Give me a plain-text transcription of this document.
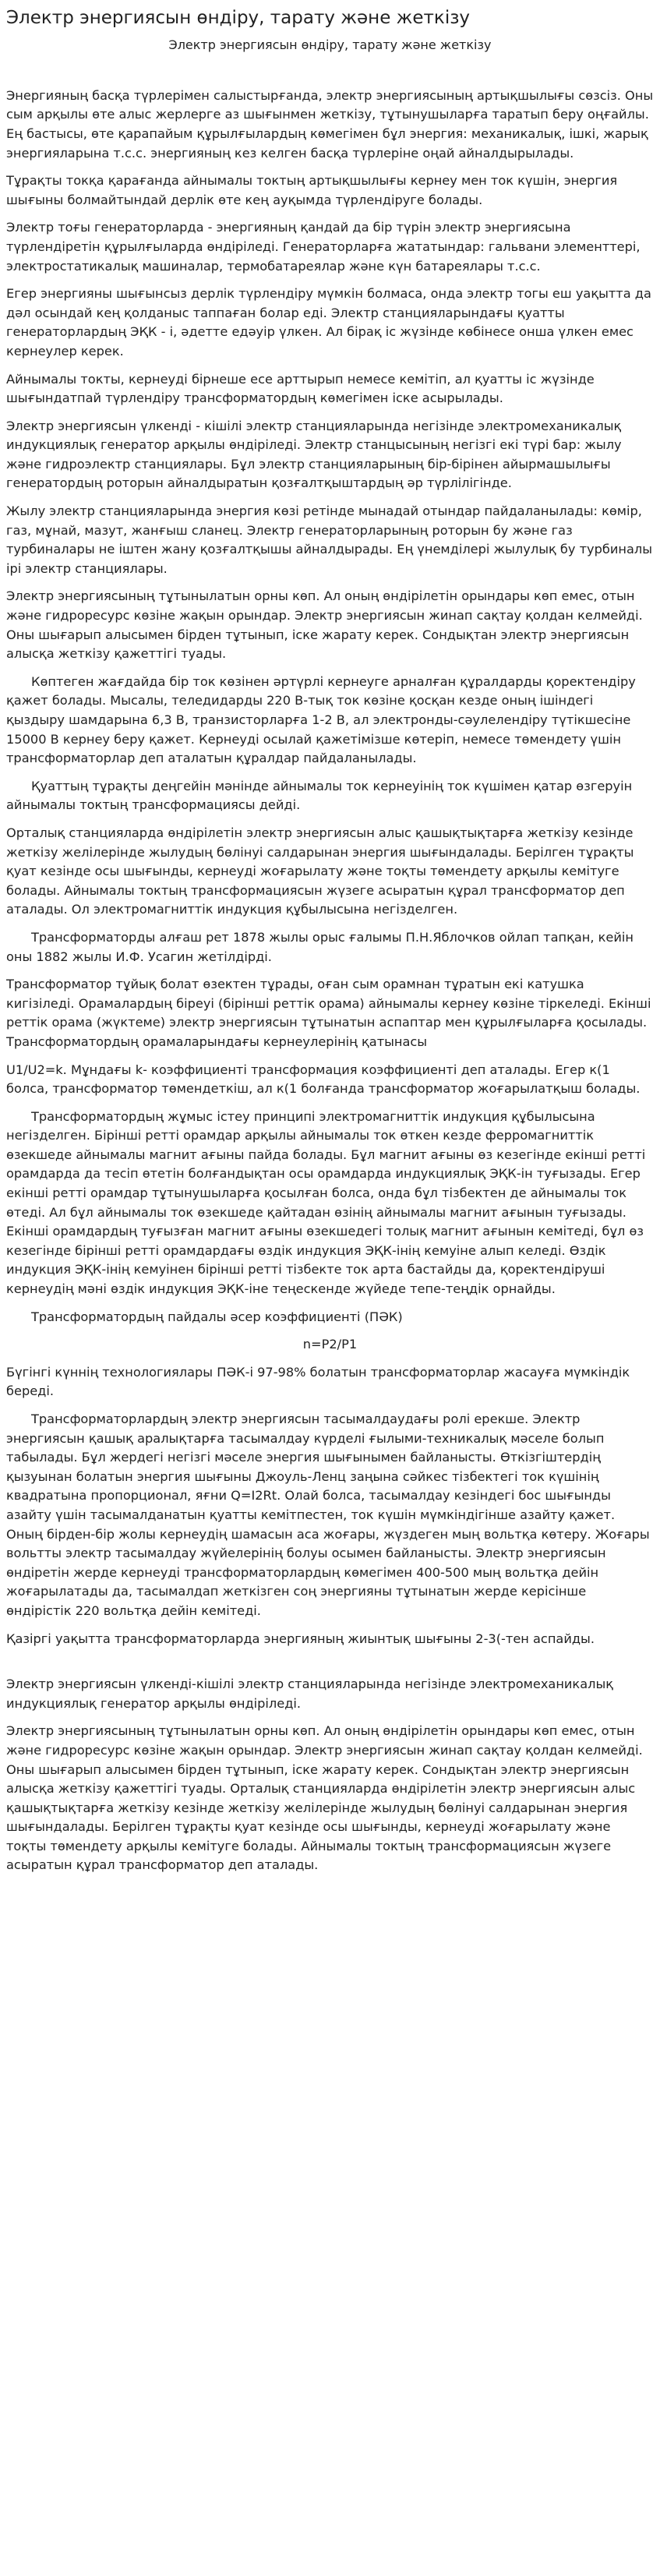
Электр энергиясын өндіру, тарату және жеткізу
Электр энергиясын өндіру, тарату және жеткізу

Энергияның басқа түрлерімен салыстырғанда, электр энергиясының артықшылығы сөзсіз. Оны сым арқылы өте алыс жерлерге аз шығынмен жеткізу, тұтынушыларға таратып беру оңғайлы. Ең бастысы, өте қарапайым құрылғылардың көмегімен бұл энергия: механикалық, ішкі, жарық энергияларына т.с.с. энергияның кез келген басқа түрлеріне оңай айналдырылады.

Тұрақты токқа қарағанда айнымалы токтың артықшылығы кернеу мен ток күшін, энергия шығыны болмайтындай дерлік өте кең ауқымда түрлендіруге болады.

Электр тоғы генераторларда - энергияның қандай да бір түрін электр энергиясына түрлендіретін құрылғыларда өндіріледі. Генераторларға жататындар: гальвани элементтері, электростатикалық машиналар, термобатареялар және күн батареялары т.с.с.

Егер энергияны шығынсыз дерлік түрлендіру мүмкін болмаса, онда электр тогы еш уақытта да дәл осындай кең қолданыс таппаған болар еді. Электр станцияларындағы қуатты генераторлардың ЭҚК - і, әдетте едәуір үлкен. Ал бірақ іс жүзінде көбінесе онша үлкен емес кернеулер керек.

Айнымалы токты, кернеуді бірнеше есе арттырып немесе кемітіп, ал қуатты іс жүзінде шығындатпай түрлендіру трансформатордың көмегімен іске асырылады.

Электр энергиясын үлкенді - кішілі электр станцияларында негізінде электромеханикалық индукциялық генератор арқылы өндіріледі. Электр станцысының негізгі екі түрі бар: жылу және гидроэлектр станциялары. Бұл электр станцияларының бір-бірінен айырмашылығы генератордың роторын айналдыратын қозғалтқыштардың әр түрлілігінде.

Жылу электр станцияларында энергия көзі ретінде мынадай отындар пайдаланылады: көмір, газ, мұнай, мазут, жанғыш сланец. Электр генераторларының роторын бу және газ турбиналары не іштен жану қозғалтқышы айналдырады. Ең үнемділері жылулық бу турбиналы ірі электр станциялары.

Электр энергиясының тұтынылатын орны көп. Ал оның өндірілетін орындары көп емес, отын және гидроресурс көзіне жақын орындар. Электр энергиясын жинап сақтау қолдан келмейді. Оны шығарып алысымен бірден тұтынып, іске жарату керек. Сондықтан электр энергиясын алысқа жеткізу қажеттігі туады.

Көптеген жағдайда бір ток көзінен әртүрлі кернеуге арналған құралдарды қоректендіру қажет болады. Мысалы, теледидарды 220 В-тық ток көзіне қосқан кезде оның ішіндегі қыздыру шамдарына 6,3 В, транзисторларға 1-2 В, ал электронды-сәулелендіру түтікшесіне 15000 В кернеу беру қажет. Кернеуді осылай қажетімізше көтеріп, немесе төмендету үшін трансформаторлар деп аталатын құралдар пайдаланылады.

Қуаттың тұрақты деңгейін мәнінде айнымалы ток кернеуінің ток күшімен қатар өзгеруін айнымалы токтың трансформациясы дейді.

Орталық станцияларда өндірілетін электр энергиясын алыс қашықтықтарға жеткізу кезінде жеткізу желілерінде жылудың бөлінуі салдарынан энергия шығындалады. Берілген тұрақты қуат кезінде осы шығынды, кернеуді жоғарылату және тоқты төмендету арқылы кемітуге болады. Айнымалы токтың трансформациясын жүзеге асыратын құрал трансформатор деп аталады. Ол электромагниттік индукция құбылысына негізделген.

Трансформаторды алғаш рет 1878 жылы орыс ғалымы П.Н.Яблочков ойлап тапқан, кейін оны 1882 жылы И.Ф. Усагин жетілдірді.

Трансформатор тұйық болат өзектен тұрады, оған сым орамнан тұратын екі катушка кигізіледі. Орамалардың біреуі (бірінші реттік орама) айнымалы кернеу көзіне тіркеледі. Екінші реттік орама (жүктеме) электр энергиясын тұтынатын аспаптар мен құрылғыларға қосылады. Трансформатордың орамаларындағы кернеулерінің қатынасы

U1/U2=k. Мұндағы k- коэффициенті трансформация коэффициенті деп аталады. Егер к(1 болса, трансформатор төмендеткіш, ал к(1 болғанда трансформатор жоғарылатқыш болады.

Трансформатордың жұмыс істеу принципі электромагниттік индукция құбылысына негізделген. Бірінші ретті орамдар арқылы айнымалы ток өткен кезде ферромагниттік өзекшеде айнымалы магнит ағыны пайда болады. Бұл магнит ағыны өз кезегінде екінші ретті орамдарда да тесіп өтетін болғандықтан осы орамдарда индукциялық ЭҚК-ін туғызады. Егер екінші ретті орамдар тұтынушыларға қосылған болса, онда бұл тізбектен де айнымалы ток өтеді. Ал бұл айнымалы ток өзекшеде қайтадан өзінің айнымалы магнит ағынын туғызады. Екінші орамдардың туғызған магнит ағыны өзекшедегі толық магнит ағынын кемітеді, бұл өз кезегінде бірінші ретті орамдардағы өздік индукция ЭҚК-інің кемуіне алып келеді. Өздік индукция ЭҚК-інің кемуінен бірінші ретті тізбекте ток арта бастайды да, қоректендіруші кернеудің мәні өздік индукция ЭҚК-іне теңескенде жүйеде тепе-теңдік орнайды.

Трансформатордың пайдалы әсер коэффициенті (ПӘК)

n=P2/P1

Бүгінгі күннің технологиялары ПӘК-і 97-98% болатын трансформаторлар жасауға мүмкіндік береді.

Трансформаторлардың электр энергиясын тасымалдаудағы ролі ерекше. Электр энергиясын қашық аралықтарға тасымалдау күрделі ғылыми-техникалық мәселе болып табылады. Бұл жердегі негізгі мәселе энергия шығынымен байланысты. Өткізгіштердің қызуынан болатын энергия шығыны Джоуль-Ленц заңына сәйкес тізбектегі ток күшінің квадратына пропорционал, яғни Q=I2Rt. Олай болса, тасымалдау кезіндегі бос шығынды азайту үшін тасымалданатын қуатты кемітпестен, ток күшін мүмкіндігінше азайту қажет. Оның бірден-бір жолы кернеудің шамасын аса жоғары, жүздеген мың вольтқа көтеру. Жоғары вольтты электр тасымалдау жүйелерінің болуы осымен байланысты. Электр энергиясын өндіретін жерде кернеуді трансформаторлардың көмегімен 400-500 мың вольтқа дейін жоғарылатады да, тасымалдап жеткізген соң энергияны тұтынатын жерде керісінше өндірістік 220 вольтқа дейін кемітеді.

Қазіргі уақытта трансформаторларда энергияның жиынтық шығыны 2-3(-тен аспайды.

Электр энергиясын үлкенді-кішілі электр станцияларында негізінде электромеханикалық индукциялық генератор арқылы өндіріледі.

Электр энергиясының тұтынылатын орны көп. Ал оның өндірілетін орындары көп емес, отын және гидроресурс көзіне жақын орындар. Электр энергиясын жинап сақтау қолдан келмейді. Оны шығарып алысымен бірден тұтынып, іске жарату керек. Сондықтан электр энергиясын алысқа жеткізу қажеттігі туады. Орталық станцияларда өндірілетін электр энергиясын алыс қашықтықтарға жеткізу кезінде жеткізу желілерінде жылудың бөлінуі салдарынан энергия шығындалады. Берілген тұрақты қуат кезінде осы шығынды, кернеуді жоғарылату және тоқты төмендету арқылы кемітуге болады. Айнымалы токтың трансформациясын жүзеге асыратын құрал трансформатор деп аталады.
